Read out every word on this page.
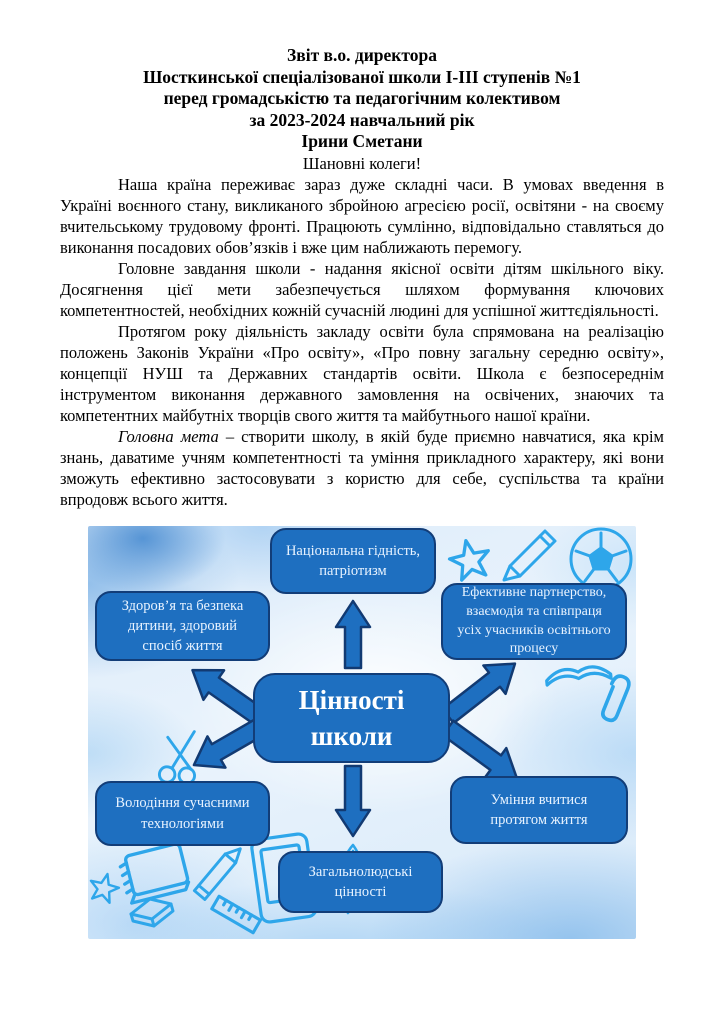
Звіт в.о. директора
Шосткинської спеціалізованої школи І-ІІІ ступенів №1
перед громадськістю та педагогічним колективом
за 2023-2024 навчальний рік
Ірини Сметани
Шановні колеги!

Наша країна переживає зараз дуже складні часи. В умовах введення в Україні воєнного стану, викликаного збройною агресією росії, освітяни - на своєму вчительському трудовому фронті. Працюють сумлінно, відповідально ставляться до виконання посадових обов’язків і вже цим наближають перемогу.

Головне завдання школи - надання якісної освіти дітям шкільного віку. Досягнення цієї мети забезпечується шляхом формування ключових компетентностей, необхідних кожній сучасній людині для успішної життєдіяльності.

Протягом року діяльність закладу освіти була спрямована на реалізацію положень Законів України «Про освіту», «Про повну загальну середню освіту», концепції НУШ та Державних стандартів освіти. Школа є безпосереднім інструментом виконання державного замовлення на освічених, знаючих та компетентних майбутніх творців свого життя та майбутнього нашої країни.

Головна мета – створити школу, в якій буде приємно навчатися, яка крім знань, даватиме учням компетентності та уміння прикладного характеру, які вони зможуть ефективно застосовувати з користю для себе, суспільства та країни впродовж всього життя.

Національна гідність, патріотизм
Здоров’я та безпека дитини, здоровий спосіб життя
Ефективне партнерство, взаємодія та співпраця усіх учасників освітнього процесу
Цінності
школи
Володіння сучасними технологіями
Уміння вчитися протягом життя
Загальнолюдські цінності
